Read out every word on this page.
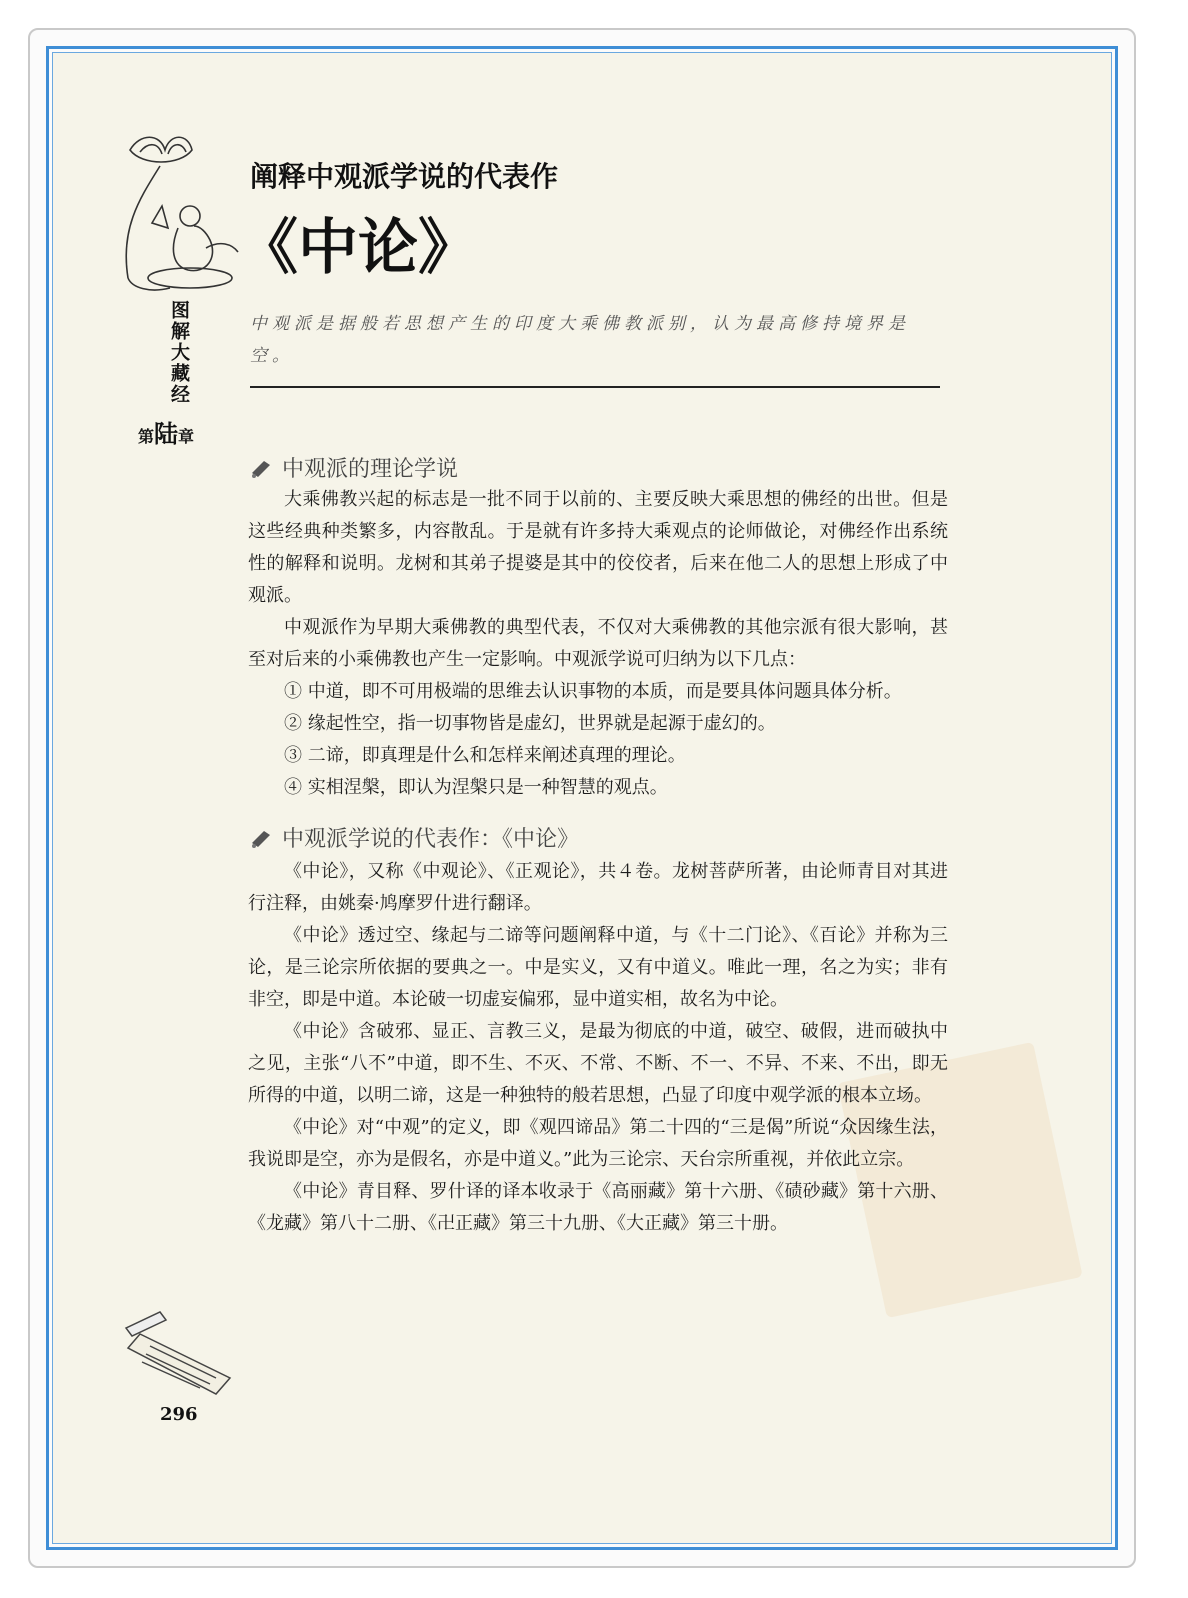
图解大藏经
第陆章
阐释中观派学说的代表作
《中论》
中观派是据般若思想产生的印度大乘佛教派别，认为最高修持境界是空。
中观派的理论学说

大乘佛教兴起的标志是一批不同于以前的、主要反映大乘思想的佛经的出世。但是这些经典种类繁多，内容散乱。于是就有许多持大乘观点的论师做论，对佛经作出系统性的解释和说明。龙树和其弟子提婆是其中的佼佼者，后来在他二人的思想上形成了中观派。

中观派作为早期大乘佛教的典型代表，不仅对大乘佛教的其他宗派有很大影响，甚至对后来的小乘佛教也产生一定影响。中观派学说可归纳为以下几点：

① 中道，即不可用极端的思维去认识事物的本质，而是要具体问题具体分析。

② 缘起性空，指一切事物皆是虚幻，世界就是起源于虚幻的。

③ 二谛，即真理是什么和怎样来阐述真理的理论。

④ 实相涅槃，即认为涅槃只是一种智慧的观点。

中观派学说的代表作：《中论》

《中论》，又称《中观论》、《正观论》，共４卷。龙树菩萨所著，由论师青目对其进行注释，由姚秦·鸠摩罗什进行翻译。

《中论》透过空、缘起与二谛等问题阐释中道，与《十二门论》、《百论》并称为三论，是三论宗所依据的要典之一。中是实义，又有中道义。唯此一理，名之为实；非有非空，即是中道。本论破一切虚妄偏邪，显中道实相，故名为中论。

《中论》含破邪、显正、言教三义，是最为彻底的中道，破空、破假，进而破执中之见，主张“八不”中道，即不生、不灭、不常、不断、不一、不异、不来、不出，即无所得的中道，以明二谛，这是一种独特的般若思想，凸显了印度中观学派的根本立场。

《中论》对“中观”的定义，即《观四谛品》第二十四的“三是偈”所说“众因缘生法，我说即是空，亦为是假名，亦是中道义。”此为三论宗、天台宗所重视，并依此立宗。

《中论》青目释、罗什译的译本收录于《高丽藏》第十六册、《碛砂藏》第十六册、《龙藏》第八十二册、《卍正藏》第三十九册、《大正藏》第三十册。

296
